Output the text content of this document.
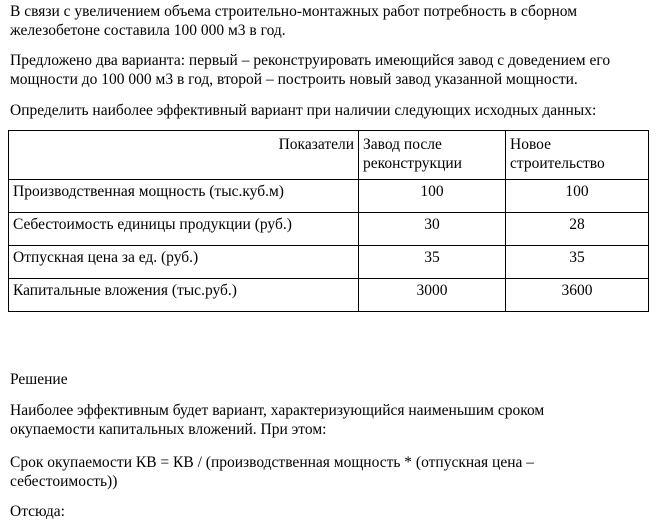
В связи с увеличением объема строительно-монтажных работ потребность в сборном железобетоне составила 100 000 м3 в год.

Предложено два варианта: первый – реконструировать имеющийся завод с доведением его мощности до 100 000 м3 в год, второй – построить новый завод указанной мощности.

Определить наиболее эффективный вариант при наличии следующих исходных данных:

Показатели	Завод после реконструкции	Новое строительство
Производственная мощность (тыс.куб.м)	100	100
Себестоимость единицы продукции (руб.)	30	28
Отпускная цена за ед. (руб.)	35	35
Капитальные вложения (тыс.руб.)	3000	3600

Решение

Наиболее эффективным будет вариант, характеризующийся наименьшим сроком окупаемости капитальных вложений. При этом:

Срок окупаемости КВ = КВ / (производственная мощность * (отпускная цена – себестоимость))

Отсюда:
